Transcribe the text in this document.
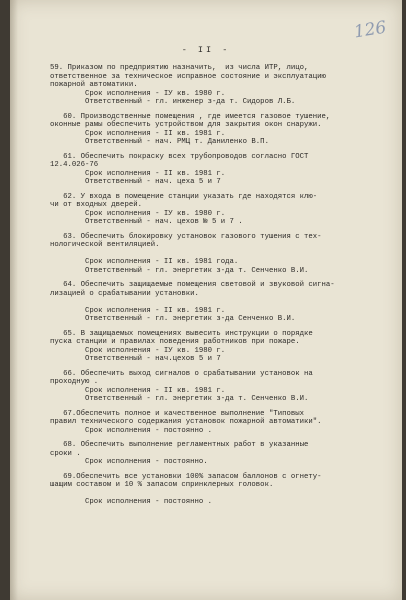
126
- II -
59. Приказом по предприятию назначить,  из числа ИТР, лицо,
ответственное за техническое исправное состояние и эксплуатацию
пожарной автоматики.
Срок исполнения - IУ кв. 1980 г.
Ответственный - гл. инженер з-да т. Сидоров Л.Б.
60. Производственные помещения , где имеется газовое тушение,
оконные рамы обеспечить устройством для закрытия окон снаружи.
Срок исполнения - II кв. 1981 г.
Ответственный - нач. РМЦ т. Даниленко В.П.
61. Обеспечить покраску всех трубопроводов согласно ГОСТ
12.4.026-76
Срок исполнения - II кв. 1981 г.
Ответственный - нач. цеха 5 и 7
62. У входа в помещение станции указать где находятся клю-
чи от входных дверей.
Срок исполнения - IУ кв. 1980 г.
Ответственный - нач. цехов № 5 и 7 .
63. Обеспечить блокировку установок газового тушения с тех-
нологической вентиляцией.
Срок исполнения - II кв. 1981 года.
Ответственный - гл. энергетик з-да т. Сенченко В.И.
64. Обеспечить защищаемые помещения световой и звуковой сигна-
лизацией о срабатывании установки.
Срок исполнения - II кв. 1981 г.
Ответственный - гл. энергетик з-да Сенченко В.И.
65. В защищаемых помещениях вывесить инструкции о порядке
пуска станции и правилах поведения работников при пожаре.
Срок исполнения - IУ кв. 1980 г.
Ответственный - нач.цехов 5 и 7
66. Обеспечить выход сигналов о срабатывании установок на
проходную .
Срок исполнения - II кв. 1981 г.
Ответственный - гл. энергетик з-да т. Сенченко В.И.
67.Обеспечить полное и качественное выполнение "Типовых
правил технического содержания установок пожарной автоматики".
Срок исполнения - постоянно .
68. Обеспечить выполнение регламентных работ в указанные
сроки .
Срок исполнения - постоянно.
69.Обеспечить все установки 100% запасом баллонов с огнету-
шащим составом и 10 % запасом спринклерных головок.
Срок исполнения - постоянно .
